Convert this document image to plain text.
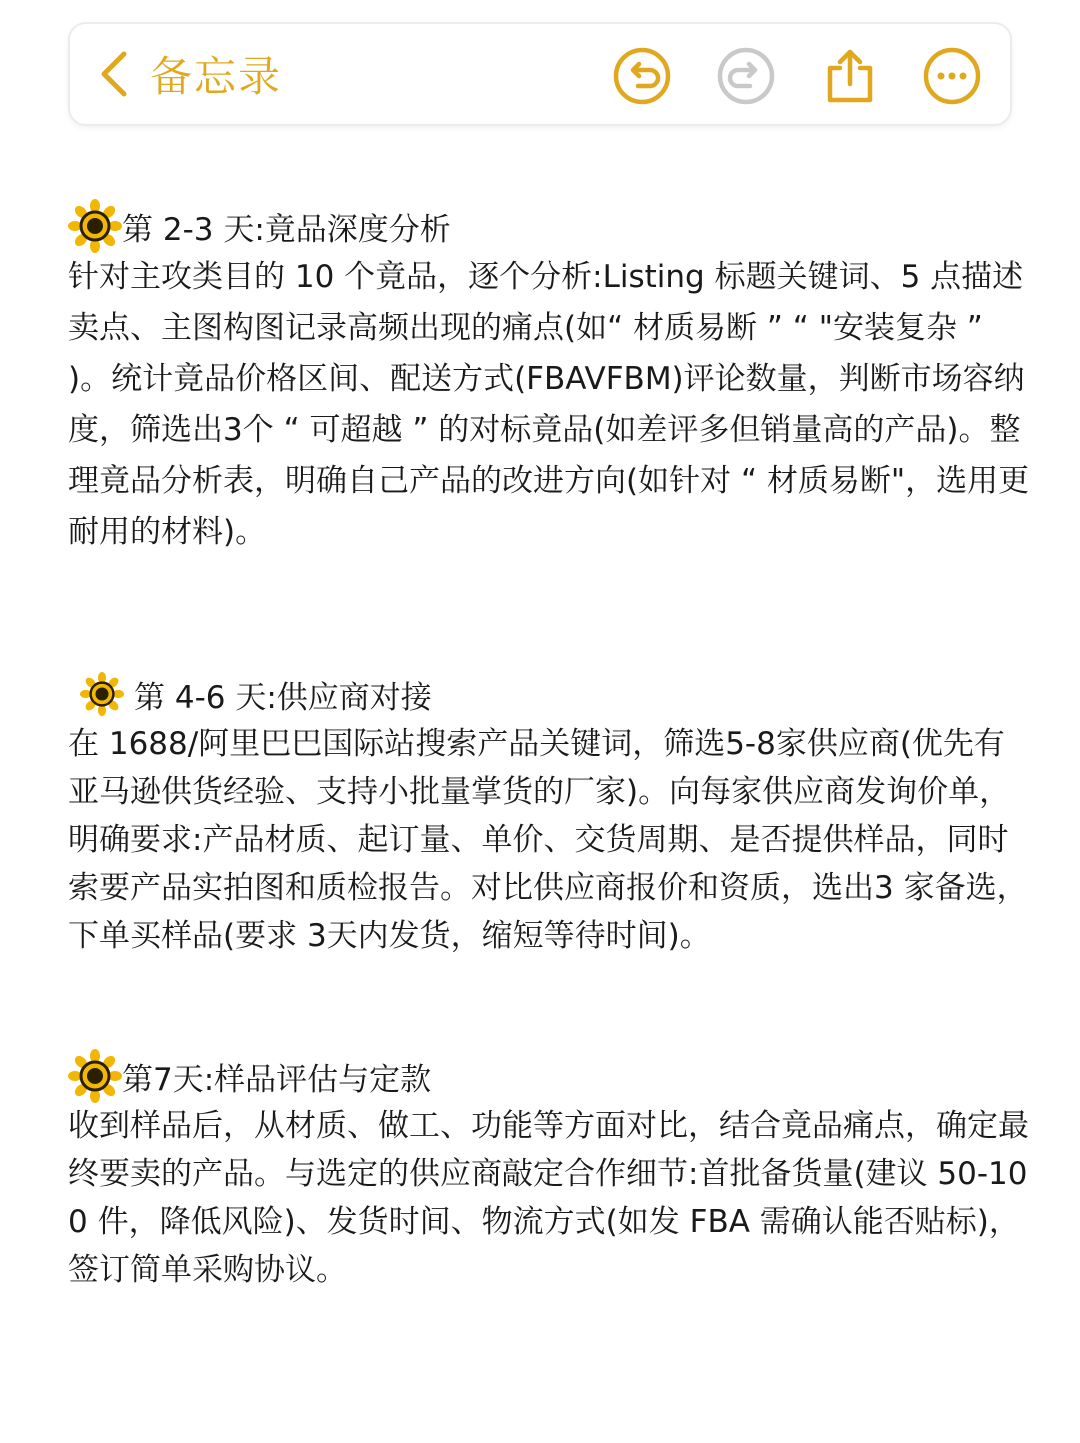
备忘录
第 2-3 天:竟品深度分析

针对主攻类目的 10 个竟品，逐个分析:Listing 标题关键词、5 点描述卖点、主图构图记录高频出现的痛点(如“ 材质易断 ” “ "安装复杂 ” )。统计竟品价格区间、配送方式(FBAVFBM)评论数量，判断市场容纳度，筛选出3个 “ 可超越 ” 的对标竟品(如差评多但销量高的产品)。整理竟品分析表，明确自己产品的改进方向(如针对 “ 材质易断"，选用更耐用的材料)。

第 4-6 天:供应商对接

在 1688/阿里巴巴国际站搜索产品关键词，筛选5-8家供应商(优先有亚马逊供货经验、支持小批量掌货的厂家)。向每家供应商发询价单，明确要求:产品材质、起订量、单价、交货周期、是否提供样品，同时索要产品实拍图和质检报告。对比供应商报价和资质，选出3 家备选，下单买样品(要求 3天内发货，缩短等待时间)。

第7天:样品评估与定款

收到样品后，从材质、做工、功能等方面对比，结合竟品痛点，确定最终要卖的产品。与选定的供应商敲定合作细节:首批备货量(建议 50-100 件，降低风险)、发货时间、物流方式(如发 FBA 需确认能否贴标)，签订简单采购协议。
